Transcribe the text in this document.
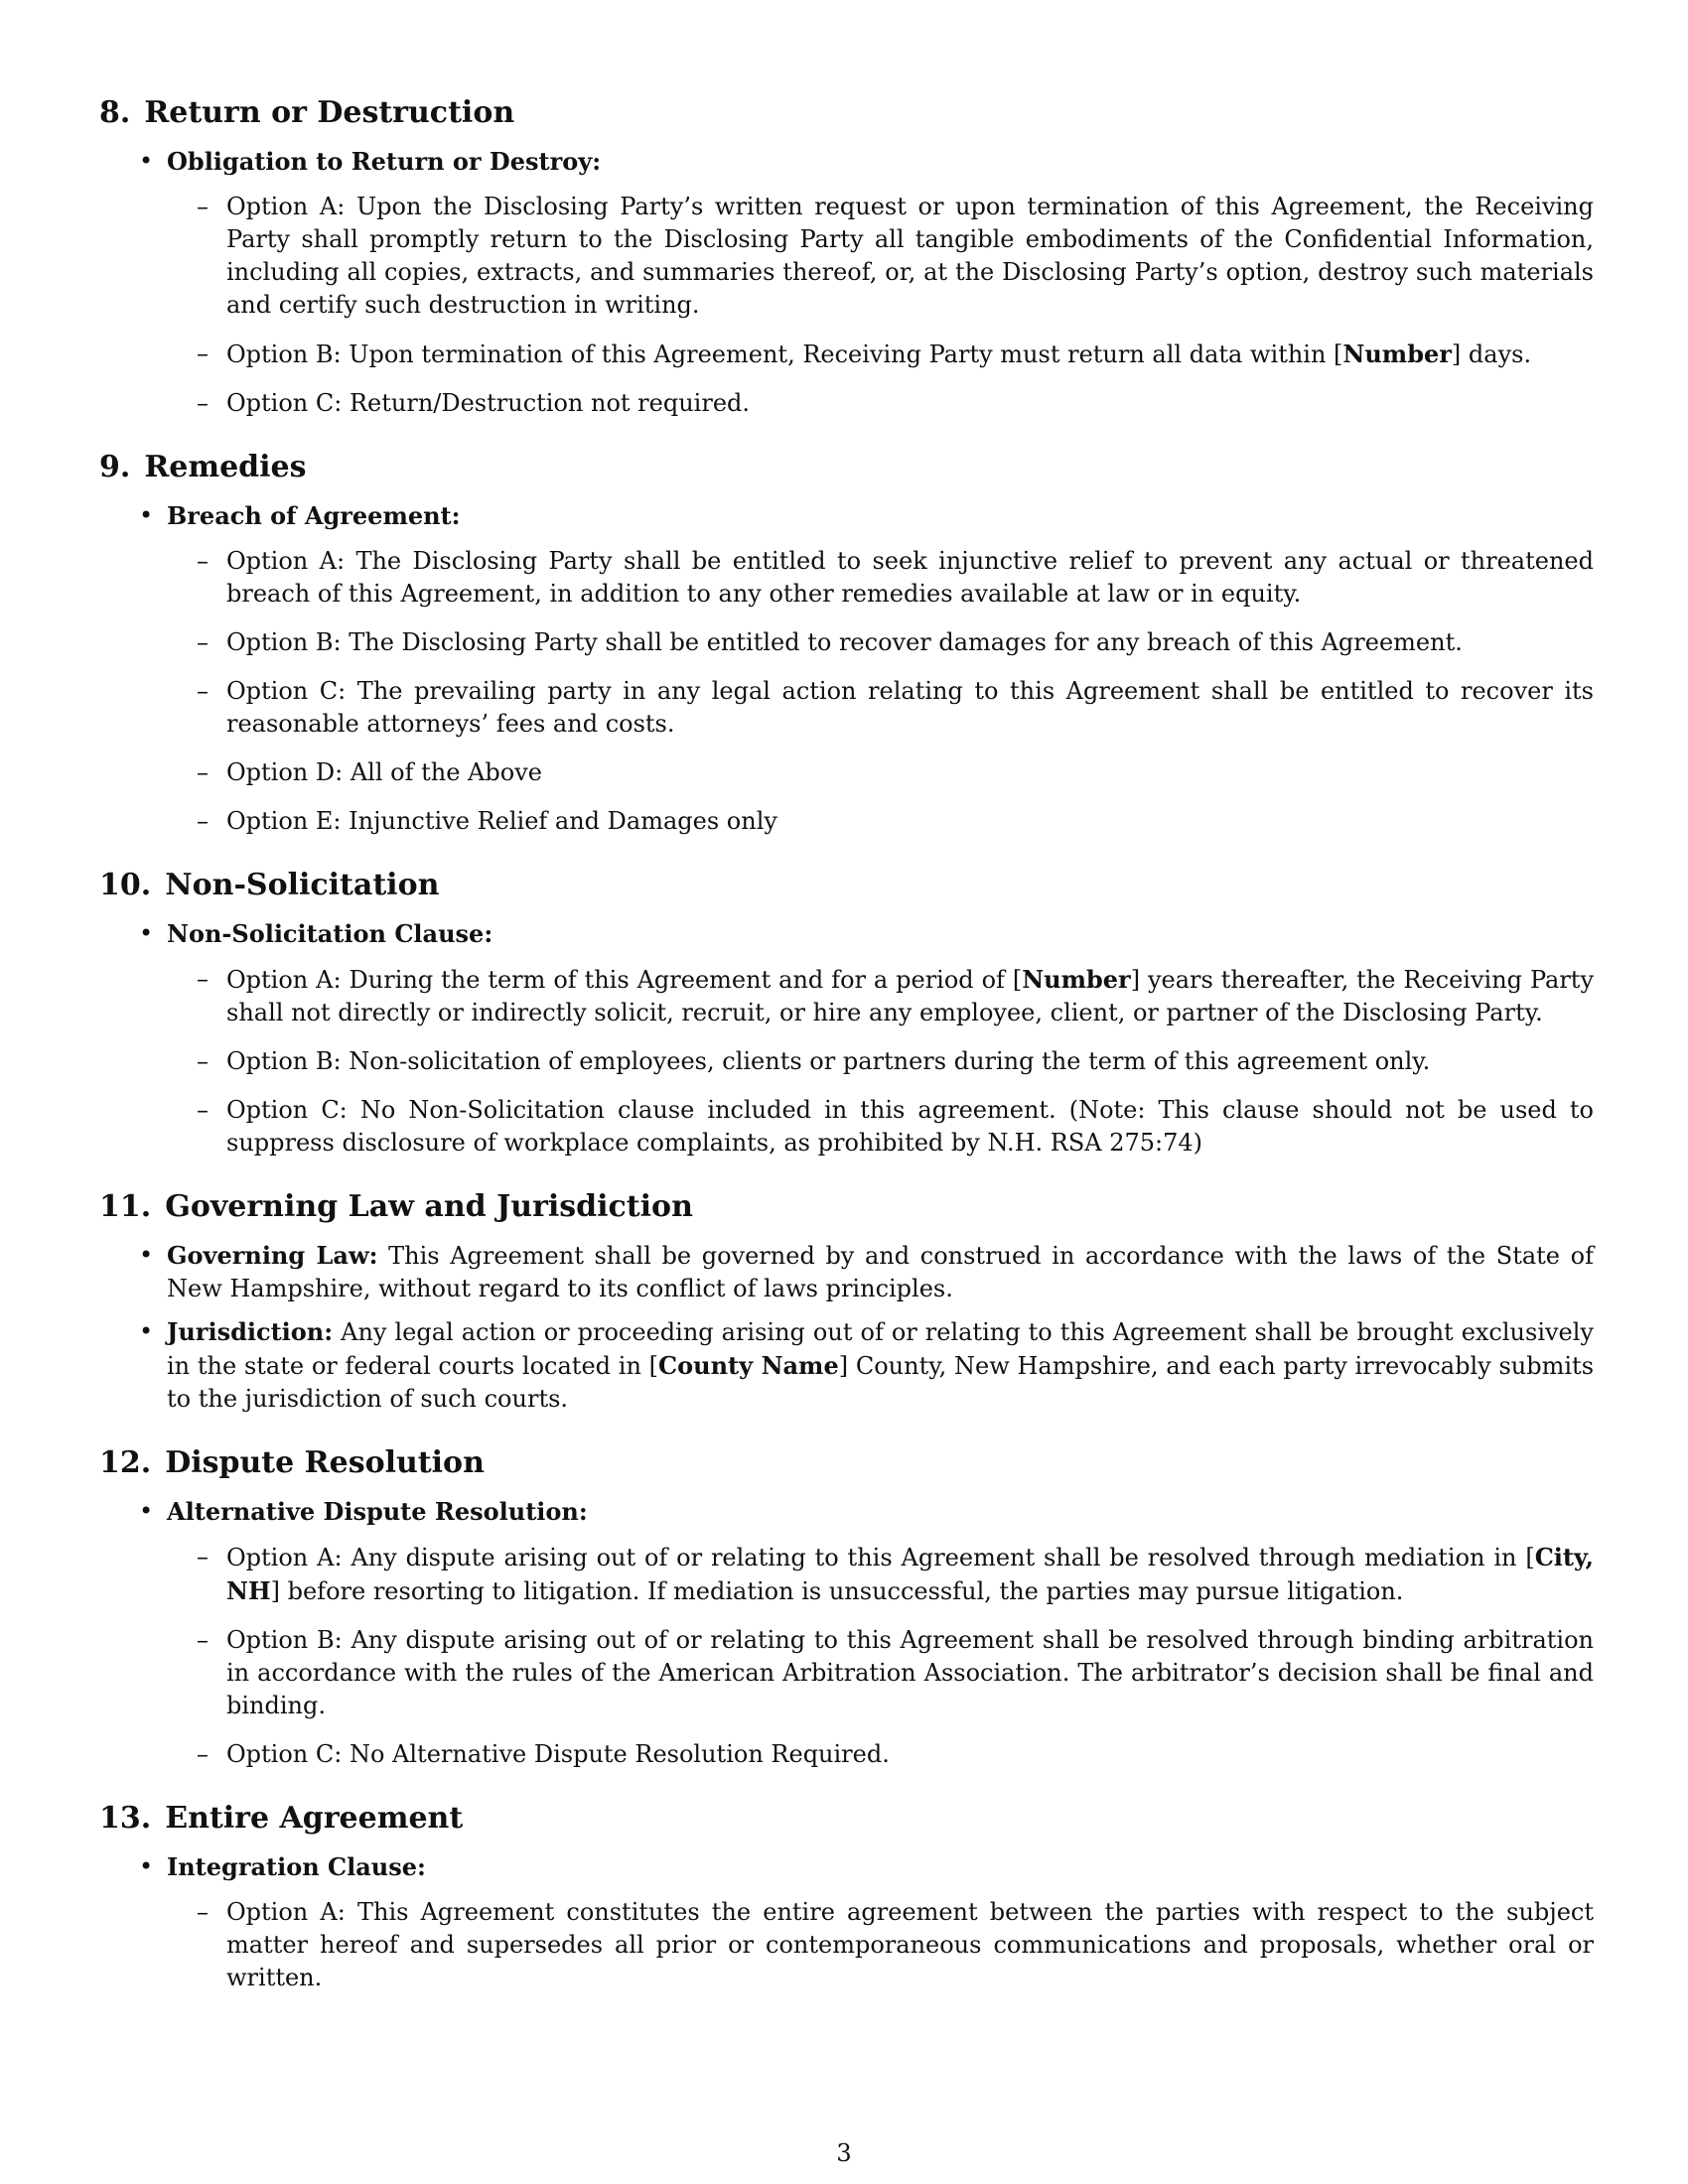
8. Return or Destruction
• Obligation to Return or Destroy:
– Option A: Upon the Disclosing Party’s written request or upon termination of this Agreement, the Receiving Party shall promptly return to the Disclosing Party all tangible embodiments of the Confidential Information, including all copies, extracts, and summaries thereof, or, at the Disclosing Party’s option, destroy such materials and certify such destruction in writing.
– Option B: Upon termination of this Agreement, Receiving Party must return all data within [Number] days.
– Option C: Return/Destruction not required.
9. Remedies
• Breach of Agreement:
– Option A: The Disclosing Party shall be entitled to seek injunctive relief to prevent any actual or threatened breach of this Agreement, in addition to any other remedies available at law or in equity.
– Option B: The Disclosing Party shall be entitled to recover damages for any breach of this Agreement.
– Option C: The prevailing party in any legal action relating to this Agreement shall be entitled to recover its reasonable attorneys’ fees and costs.
– Option D: All of the Above
– Option E: Injunctive Relief and Damages only
10. Non-Solicitation
• Non-Solicitation Clause:
– Option A: During the term of this Agreement and for a period of [Number] years thereafter, the Receiving Party shall not directly or indirectly solicit, recruit, or hire any employee, client, or partner of the Disclosing Party.
– Option B: Non-solicitation of employees, clients or partners during the term of this agreement only.
– Option C: No Non-Solicitation clause included in this agreement. (Note: This clause should not be used to suppress disclosure of workplace complaints, as prohibited by N.H. RSA 275:74)
11. Governing Law and Jurisdiction
• Governing Law: This Agreement shall be governed by and construed in accordance with the laws of the State of New Hampshire, without regard to its conflict of laws principles.
• Jurisdiction: Any legal action or proceeding arising out of or relating to this Agreement shall be brought exclusively in the state or federal courts located in [County Name] County, New Hampshire, and each party irrevocably submits to the jurisdiction of such courts.
12. Dispute Resolution
• Alternative Dispute Resolution:
– Option A: Any dispute arising out of or relating to this Agreement shall be resolved through mediation in [City, NH] before resorting to litigation. If mediation is unsuccessful, the parties may pursue litigation.
– Option B: Any dispute arising out of or relating to this Agreement shall be resolved through binding arbitration in accordance with the rules of the American Arbitration Association. The arbitrator’s decision shall be final and binding.
– Option C: No Alternative Dispute Resolution Required.
13. Entire Agreement
• Integration Clause:
– Option A: This Agreement constitutes the entire agreement between the parties with respect to the subject matter hereof and supersedes all prior or contemporaneous communications and proposals, whether oral or written.
3
